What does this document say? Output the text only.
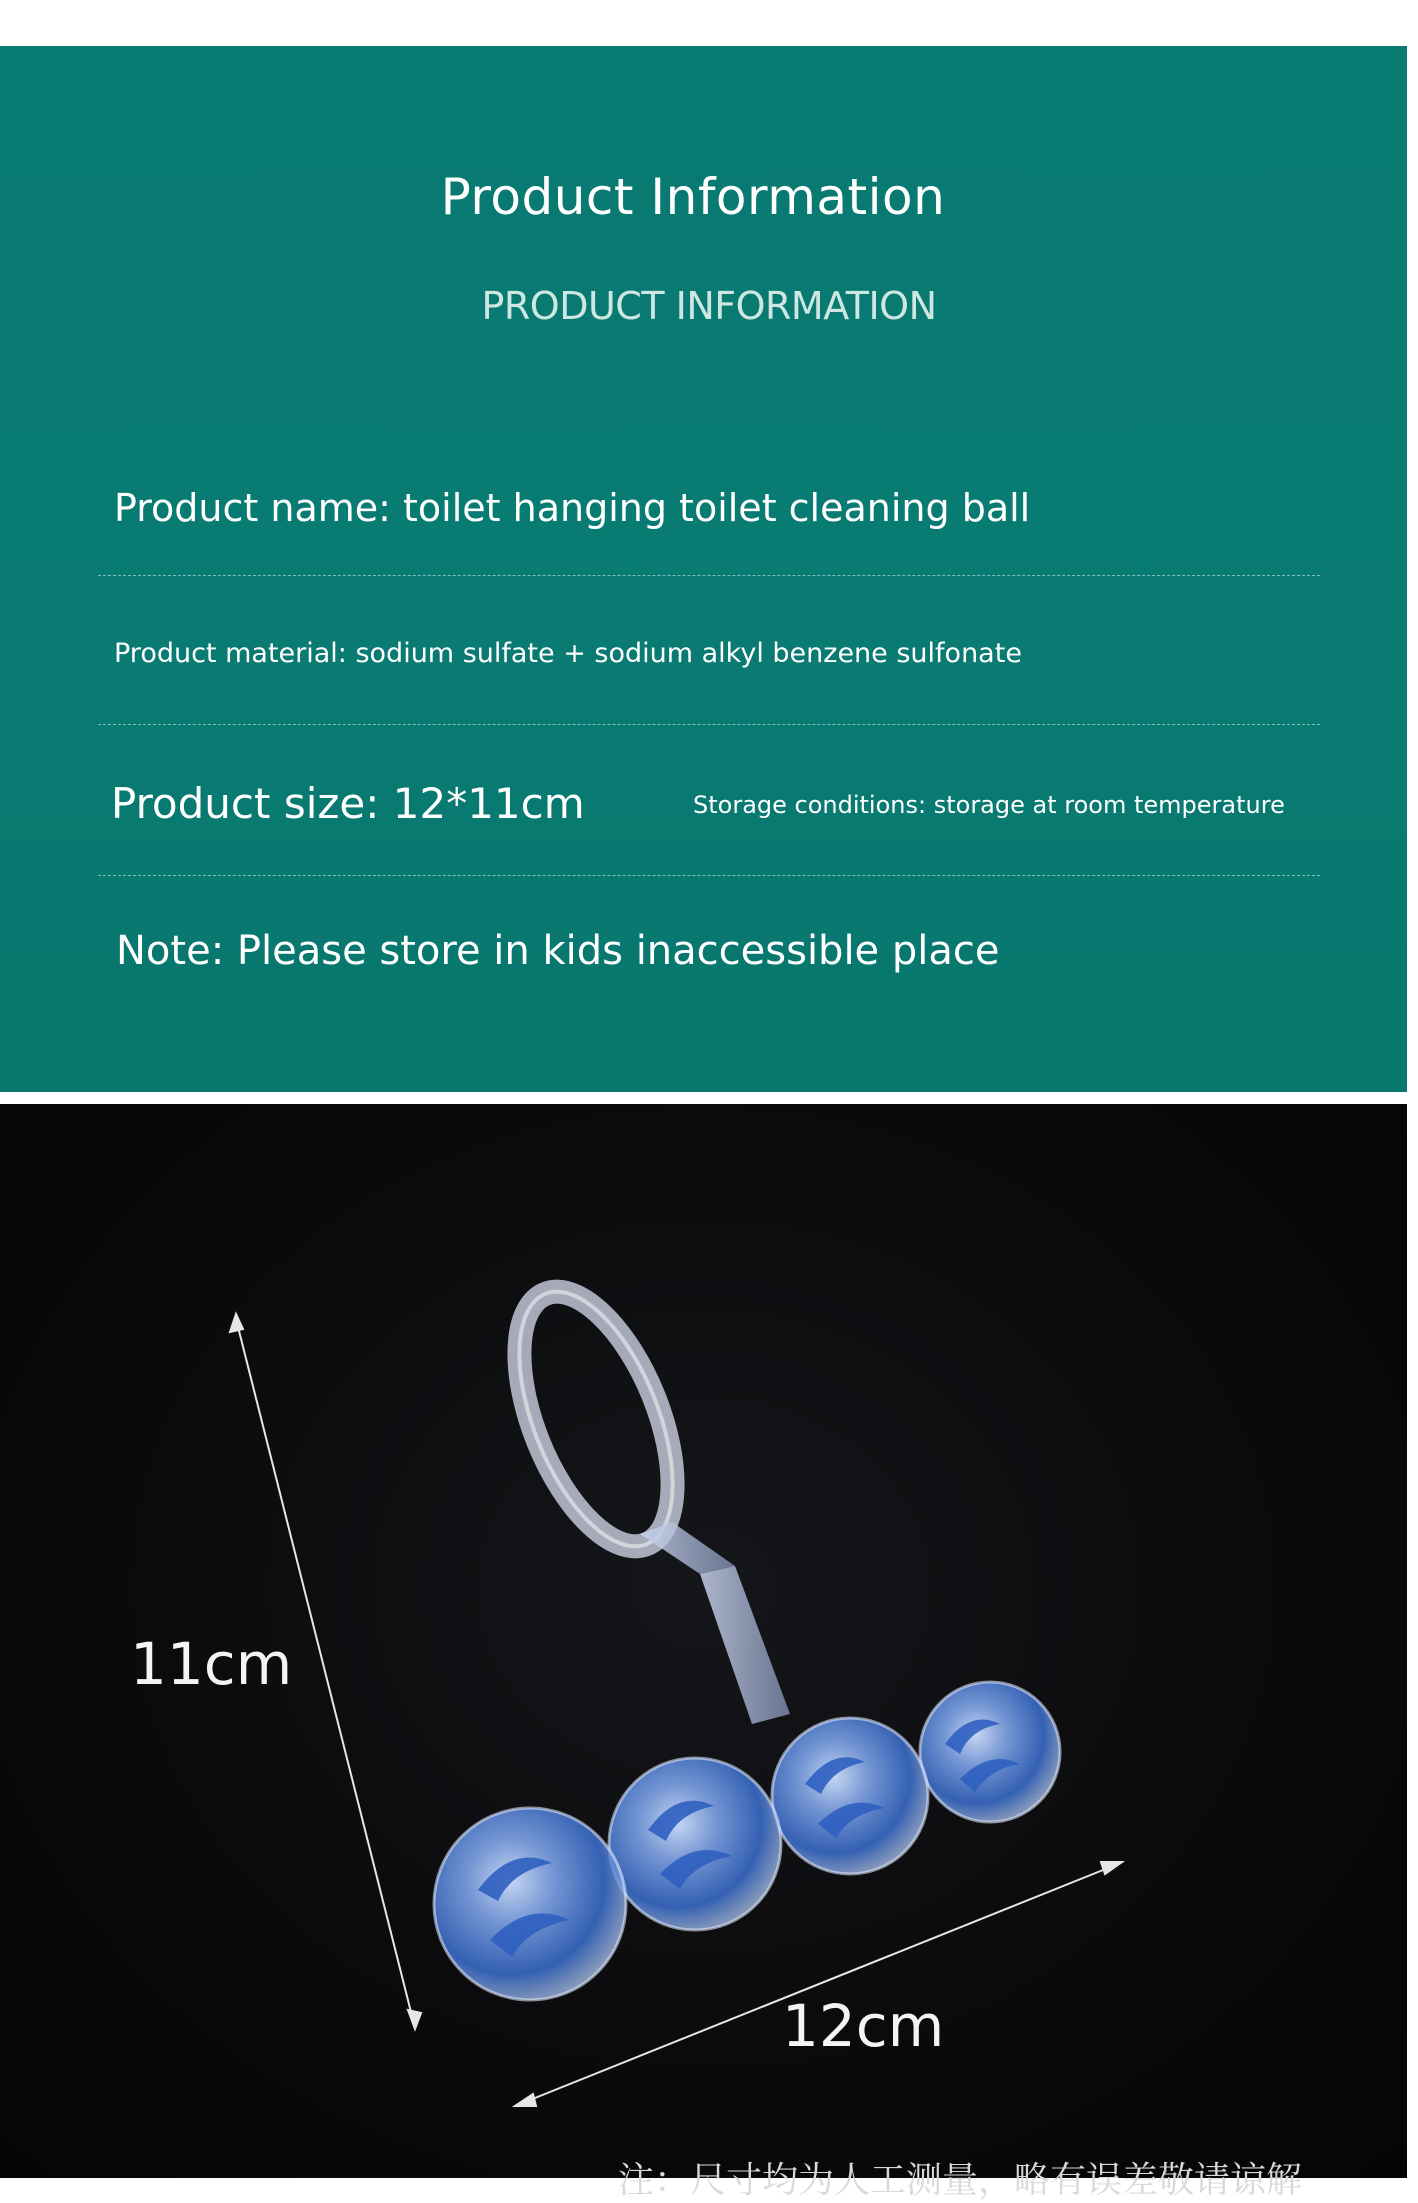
Product Information
PRODUCT INFORMATION
Product name: toilet hanging toilet cleaning ball
Product material: sodium sulfate + sodium alkyl benzene sulfonate
Product size: 12*11cm	Storage conditions: storage at room temperature
Note: Please store in kids inaccessible place
11cm
12cm
注：尺寸均为人工测量，略有误差敬请谅解
